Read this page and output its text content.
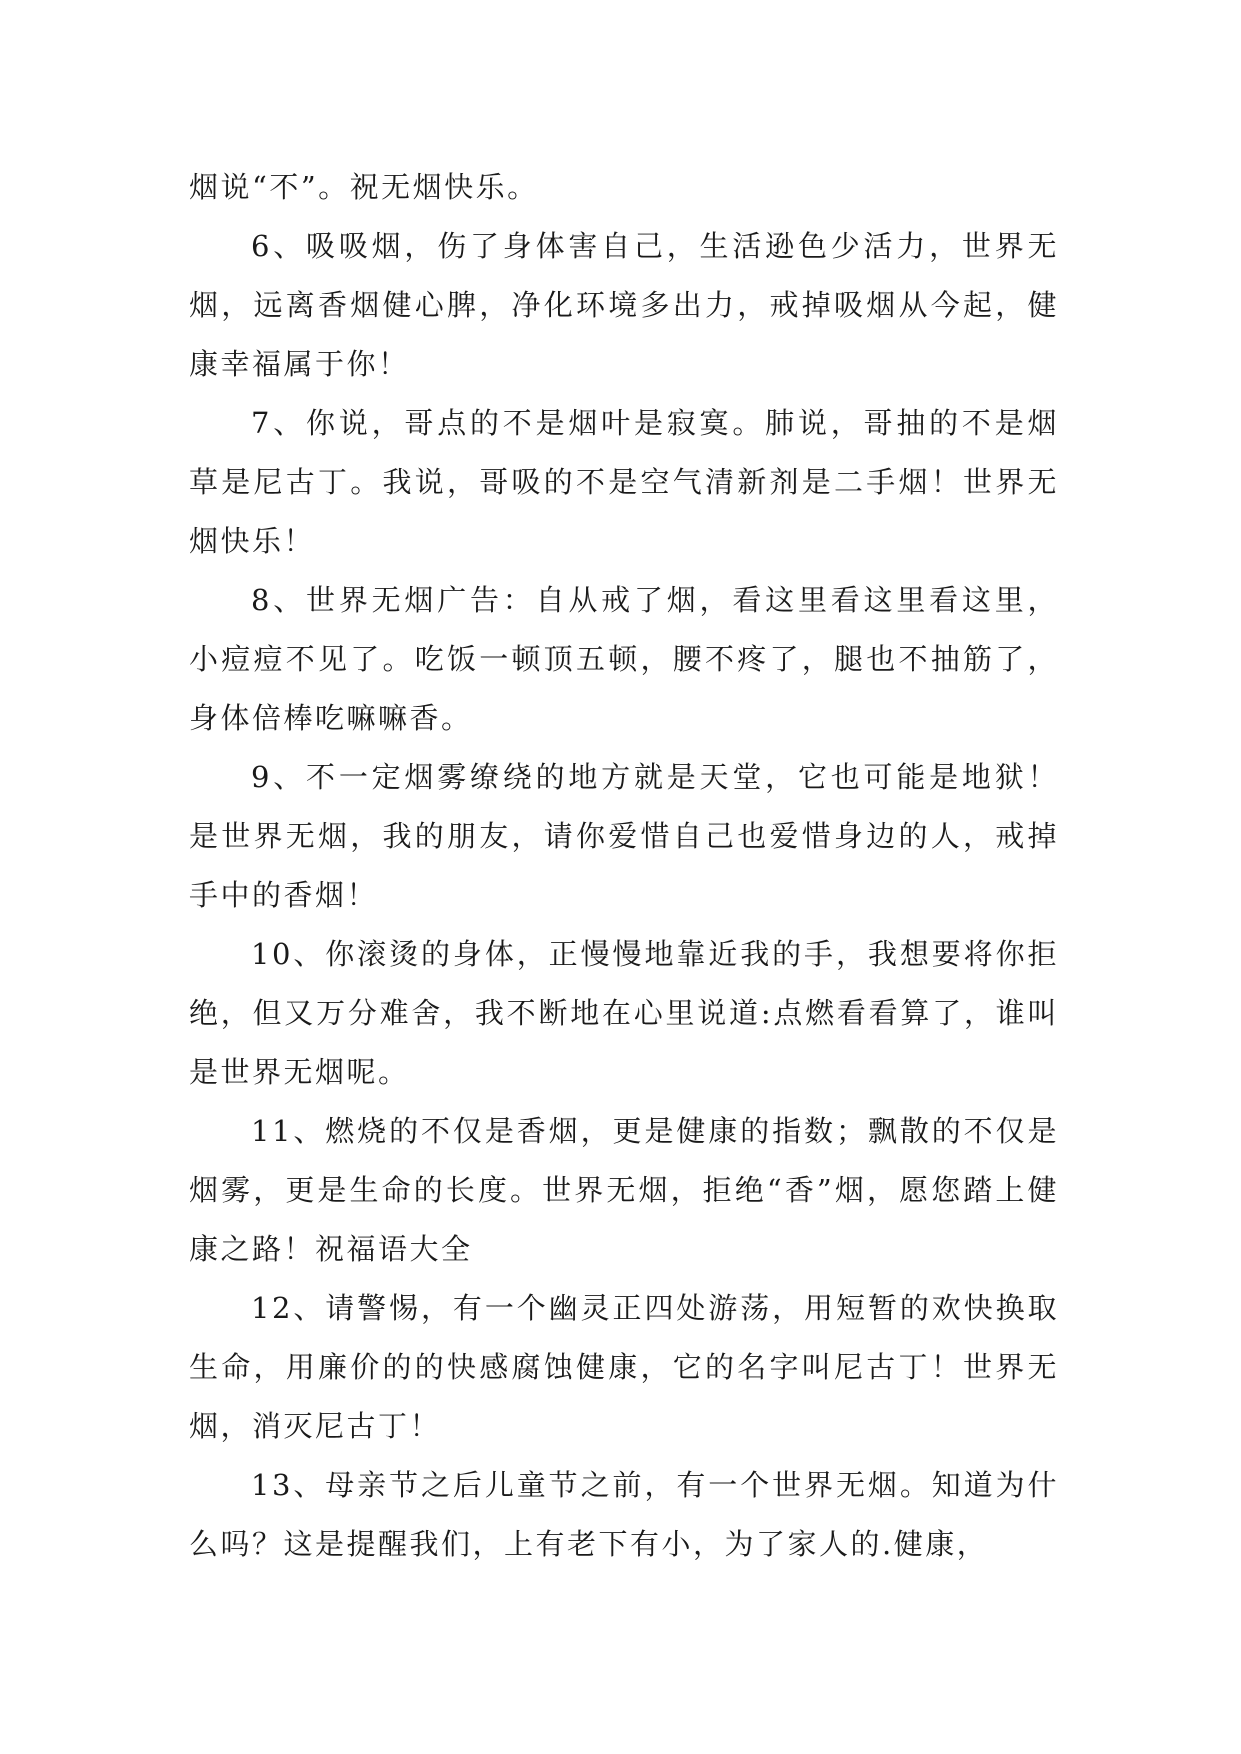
烟说“不”。祝无烟快乐。

6、吸吸烟，伤了身体害自己，生活逊色少活力，世界无烟，远离香烟健心脾，净化环境多出力，戒掉吸烟从今起，健康幸福属于你！

7、你说，哥点的不是烟叶是寂寞。肺说，哥抽的不是烟草是尼古丁。我说，哥吸的不是空气清新剂是二手烟！世界无烟快乐！

8、世界无烟广告：自从戒了烟，看这里看这里看这里，小痘痘不见了。吃饭一顿顶五顿，腰不疼了，腿也不抽筋了，身体倍棒吃嘛嘛香。

9、不一定烟雾缭绕的地方就是天堂，它也可能是地狱！是世界无烟，我的朋友，请你爱惜自己也爱惜身边的人，戒掉手中的香烟！

10、你滚烫的身体，正慢慢地靠近我的手，我想要将你拒绝，但又万分难舍，我不断地在心里说道:点燃看看算了，谁叫是世界无烟呢。

11、燃烧的不仅是香烟，更是健康的指数；飘散的不仅是烟雾，更是生命的长度。世界无烟，拒绝“香”烟，愿您踏上健康之路！祝福语大全

12、请警惕，有一个幽灵正四处游荡，用短暂的欢快换取生命，用廉价的的快感腐蚀健康，它的名字叫尼古丁！世界无烟，消灭尼古丁！

13、母亲节之后儿童节之前，有一个世界无烟。知道为什么吗？这是提醒我们，上有老下有小，为了家人的.健康，
